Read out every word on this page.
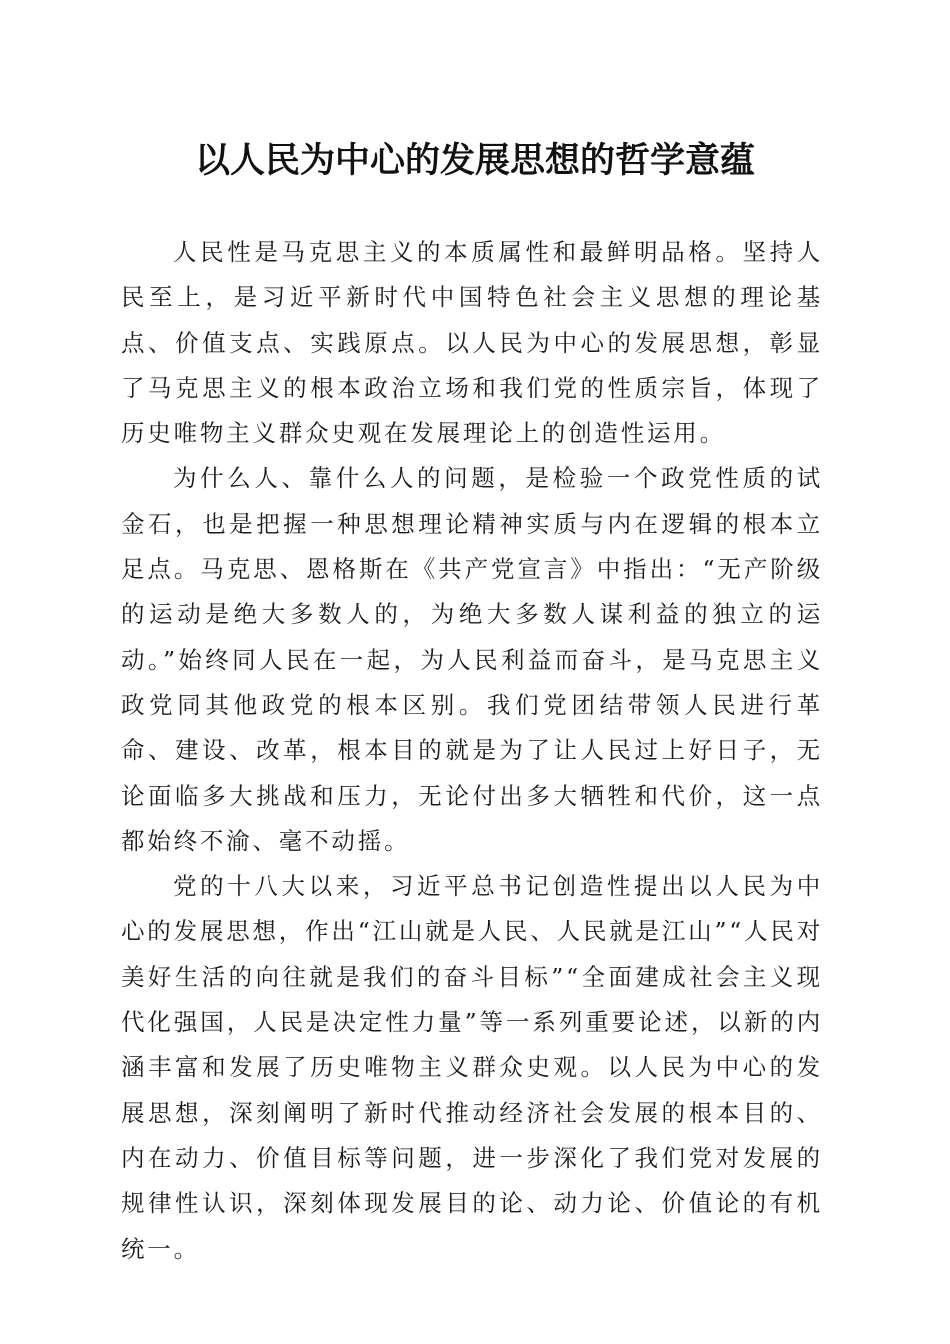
以人民为中心的发展思想的哲学意蕴

人民性是马克思主义的本质属性和最鲜明品格。坚持人民至上，是习近平新时代中国特色社会主义思想的理论基点、价值支点、实践原点。以人民为中心的发展思想，彰显了马克思主义的根本政治立场和我们党的性质宗旨，体现了历史唯物主义群众史观在发展理论上的创造性运用。

为什么人、靠什么人的问题，是检验一个政党性质的试金石，也是把握一种思想理论精神实质与内在逻辑的根本立足点。马克思、恩格斯在《共产党宣言》中指出：“无产阶级的运动是绝大多数人的，为绝大多数人谋利益的独立的运动。”始终同人民在一起，为人民利益而奋斗，是马克思主义政党同其他政党的根本区别。我们党团结带领人民进行革命、建设、改革，根本目的就是为了让人民过上好日子，无论面临多大挑战和压力，无论付出多大牺牲和代价，这一点都始终不渝、毫不动摇。

党的十八大以来，习近平总书记创造性提出以人民为中心的发展思想，作出“江山就是人民、人民就是江山”“人民对美好生活的向往就是我们的奋斗目标”“全面建成社会主义现代化强国，人民是决定性力量”等一系列重要论述，以新的内涵丰富和发展了历史唯物主义群众史观。以人民为中心的发展思想，深刻阐明了新时代推动经济社会发展的根本目的、内在动力、价值目标等问题，进一步深化了我们党对发展的规律性认识，深刻体现发展目的论、动力论、价值论的有机统一。
